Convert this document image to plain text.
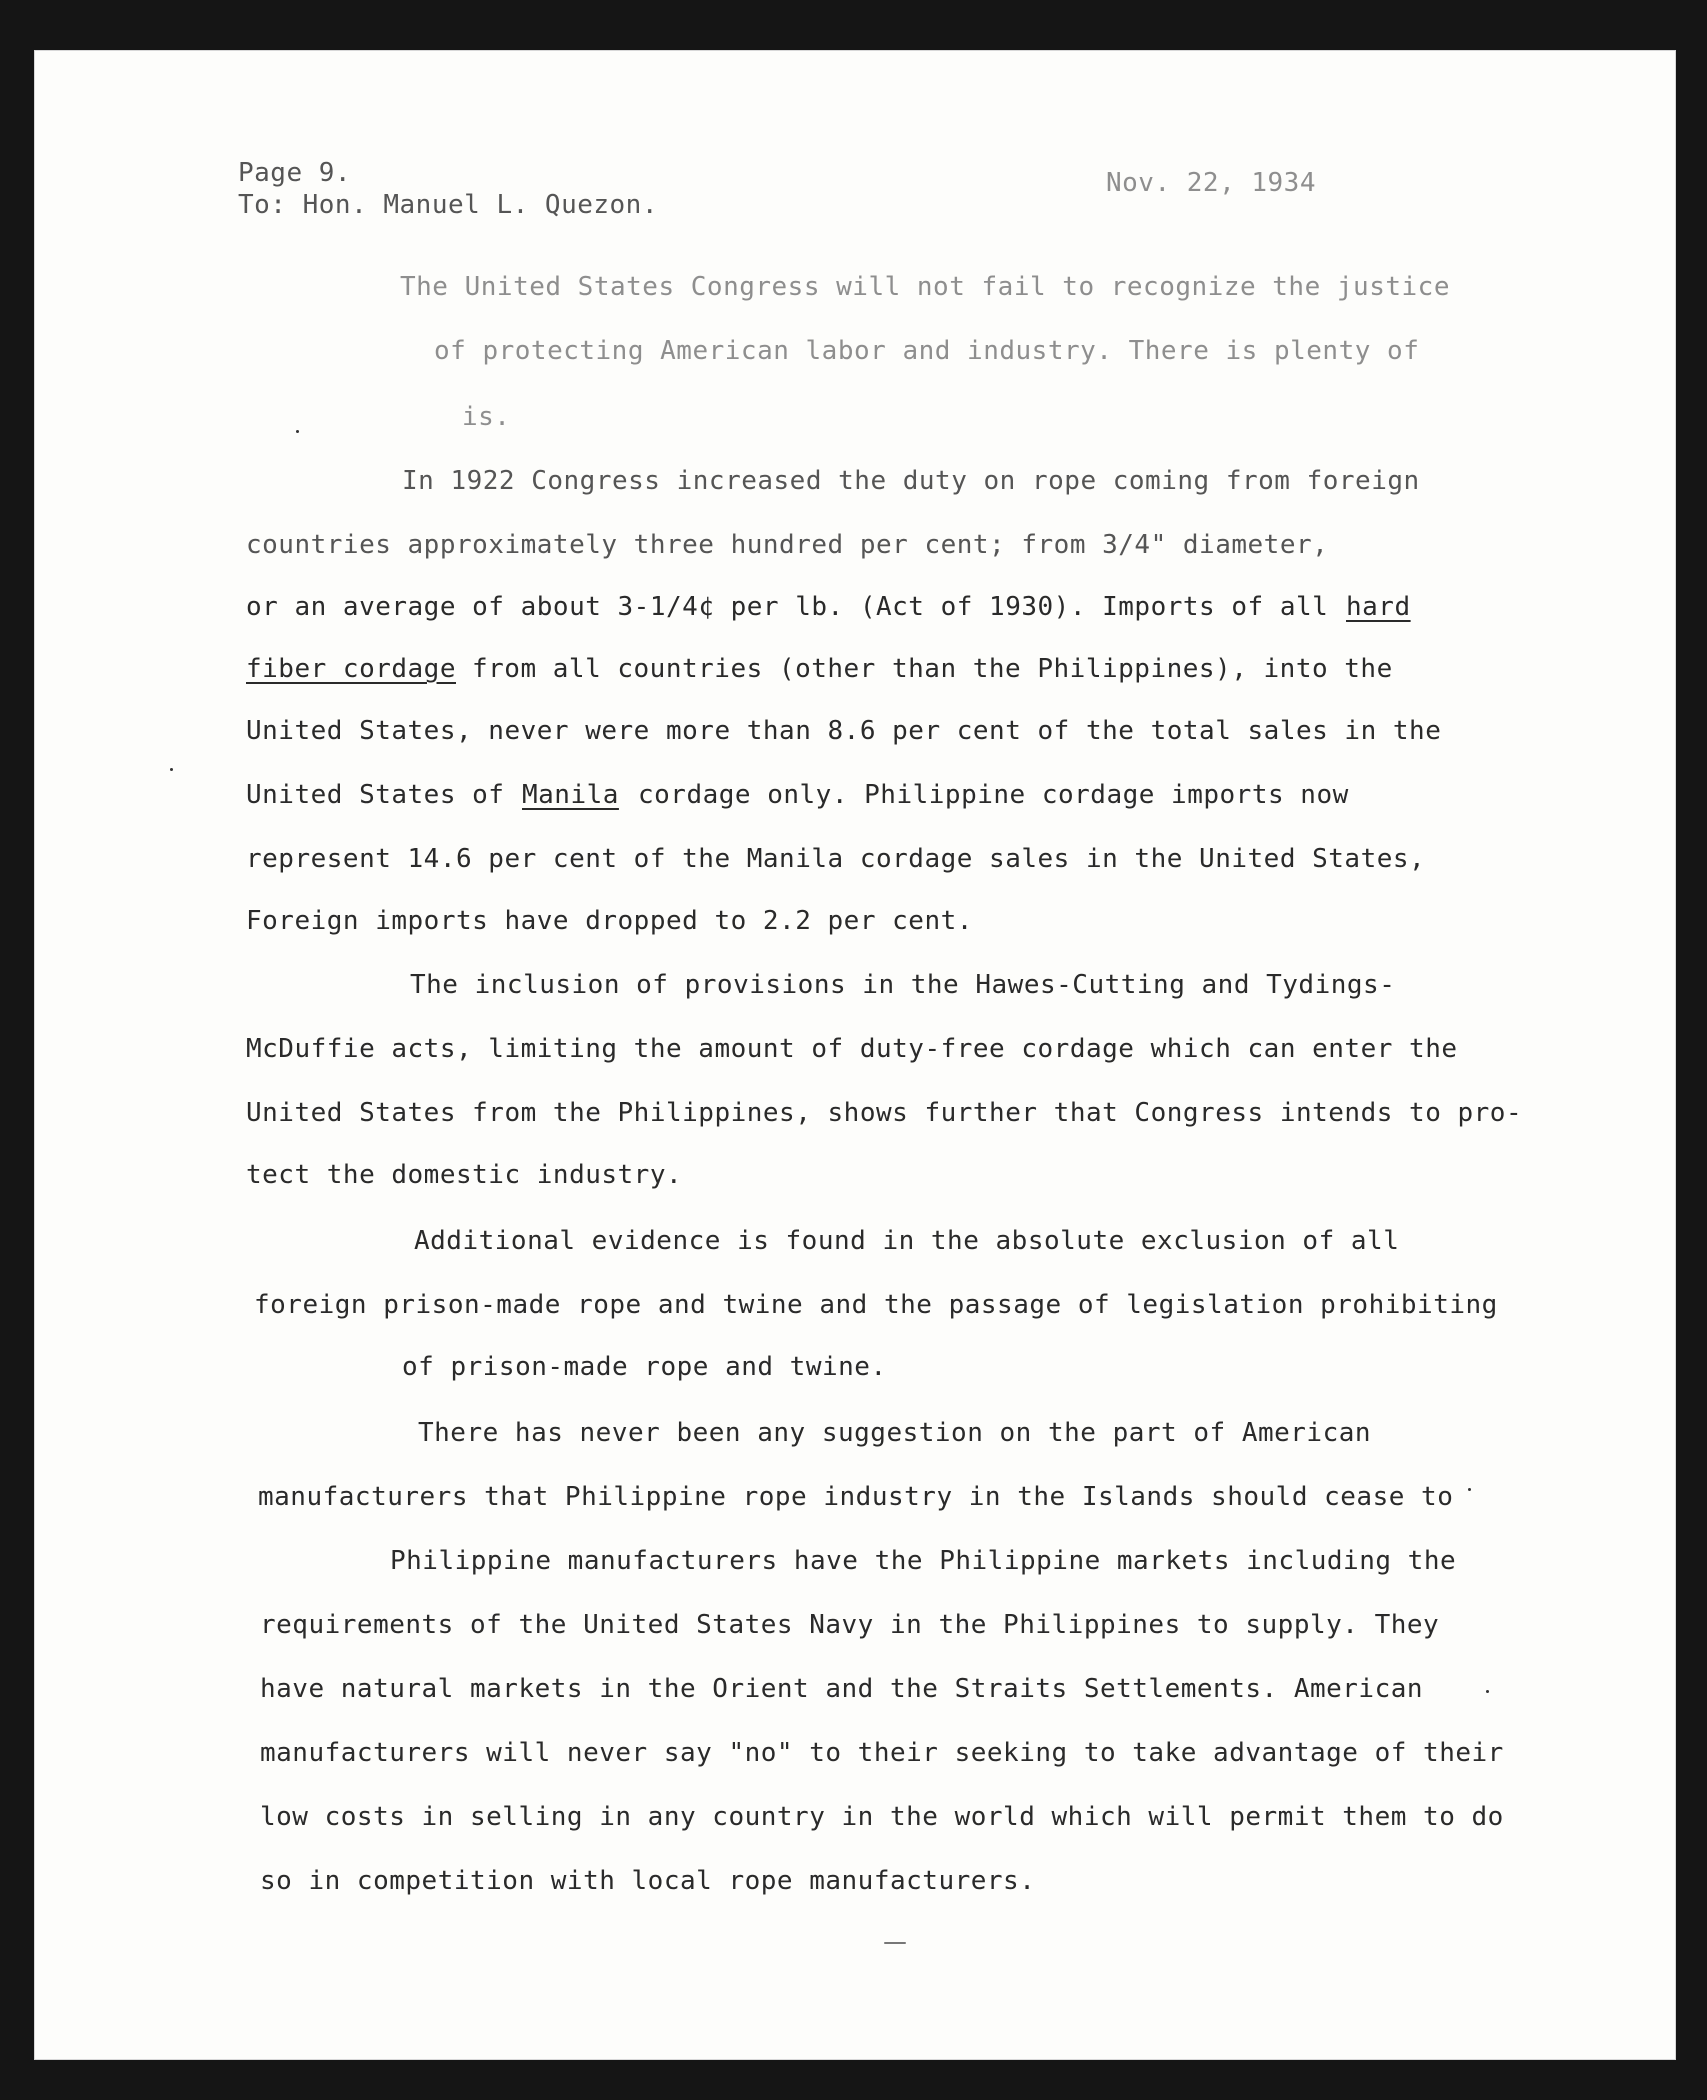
Page 9.
To: Hon. Manuel L. Quezon.
Nov. 22, 1934
The United States Congress will not fail to recognize the justice
of protecting American labor and industry. There is plenty of
is.
In 1922 Congress increased the duty on rope coming from foreign
countries approximately three hundred per cent; from 3/4" diameter,
or an average of about 3-1/4¢ per lb. (Act of 1930). Imports of all hard
fiber cordage from all countries (other than the Philippines), into the
United States, never were more than 8.6 per cent of the total sales in the
United States of Manila cordage only. Philippine cordage imports now
represent 14.6 per cent of the Manila cordage sales in the United States,
Foreign imports have dropped to 2.2 per cent.
The inclusion of provisions in the Hawes-Cutting and Tydings-
McDuffie acts, limiting the amount of duty-free cordage which can enter the
United States from the Philippines, shows further that Congress intends to pro-
tect the domestic industry.
Additional evidence is found in the absolute exclusion of all
foreign prison-made rope and twine and the passage of legislation prohibiting
of prison-made rope and twine.
There has never been any suggestion on the part of American
manufacturers that Philippine rope industry in the Islands should cease to
Philippine manufacturers have the Philippine markets including the
requirements of the United States Navy in the Philippines to supply. They
have natural markets in the Orient and the Straits Settlements. American
manufacturers will never say "no" to their seeking to take advantage of their
low costs in selling in any country in the world which will permit them to do
so in competition with local rope manufacturers.
